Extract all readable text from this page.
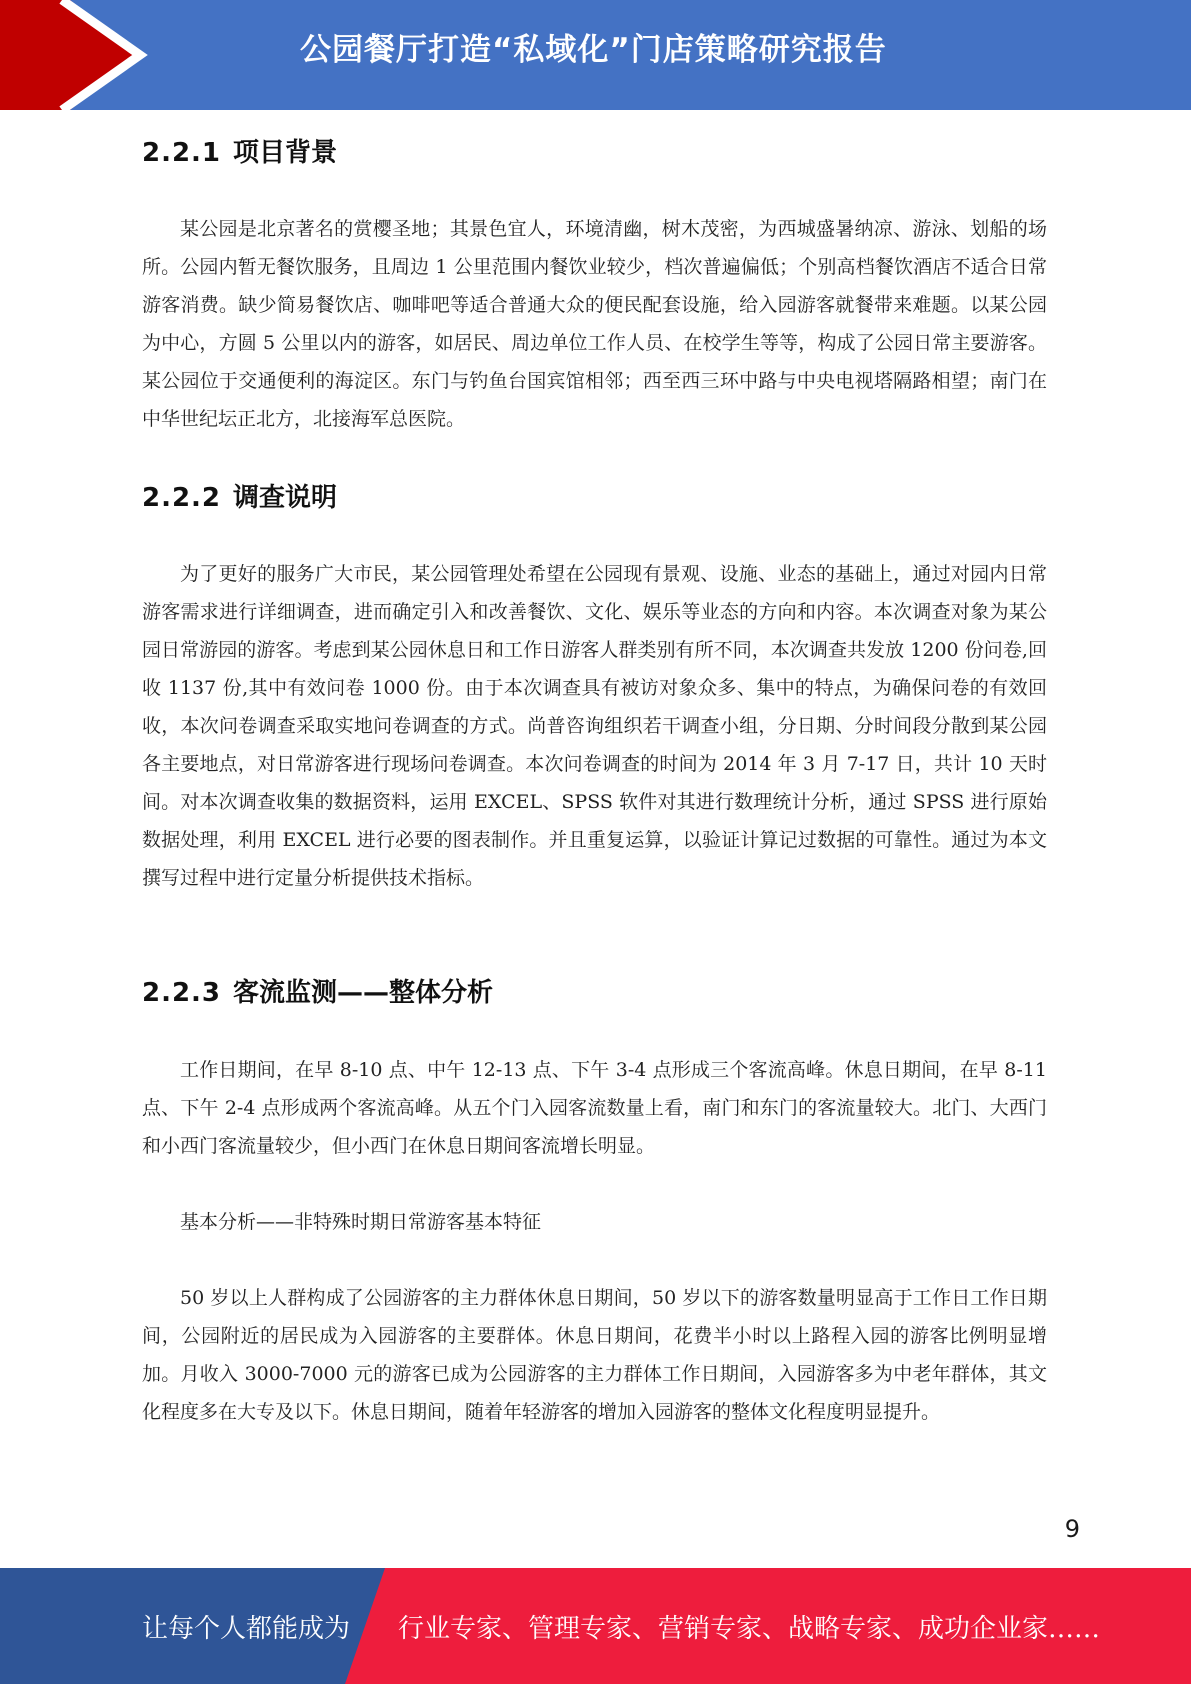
公园餐厅打造“私域化”门店策略研究报告
2.2.1 项目背景

某公园是北京著名的赏樱圣地；其景色宜人，环境清幽，树木茂密，为西城盛暑纳凉、游泳、划船的场所。公园内暂无餐饮服务，且周边 1 公里范围内餐饮业较少，档次普遍偏低；个别高档餐饮酒店不适合日常游客消费。缺少简易餐饮店、咖啡吧等适合普通大众的便民配套设施，给入园游客就餐带来难题。以某公园为中心，方圆 5 公里以内的游客，如居民、周边单位工作人员、在校学生等等，构成了公园日常主要游客。某公园位于交通便利的海淀区。东门与钓鱼台国宾馆相邻；西至西三环中路与中央电视塔隔路相望；南门在中华世纪坛正北方，北接海军总医院。

2.2.2 调查说明

为了更好的服务广大市民，某公园管理处希望在公园现有景观、设施、业态的基础上，通过对园内日常游客需求进行详细调查，进而确定引入和改善餐饮、文化、娱乐等业态的方向和内容。本次调查对象为某公园日常游园的游客。考虑到某公园休息日和工作日游客人群类别有所不同，本次调查共发放 1200 份问卷,回收 1137 份,其中有效问卷 1000 份。由于本次调查具有被访对象众多、集中的特点，为确保问卷的有效回收，本次问卷调查采取实地问卷调查的方式。尚普咨询组织若干调查小组，分日期、分时间段分散到某公园各主要地点，对日常游客进行现场问卷调查。本次问卷调查的时间为 2014 年 3 月 7-17 日，共计 10 天时间。对本次调查收集的数据资料，运用 EXCEL、SPSS 软件对其进行数理统计分析，通过 SPSS 进行原始数据处理，利用 EXCEL 进行必要的图表制作。并且重复运算，以验证计算记过数据的可靠性。通过为本文撰写过程中进行定量分析提供技术指标。

2.2.3 客流监测——整体分析

工作日期间，在早 8-10 点、中午 12-13 点、下午 3-4 点形成三个客流高峰。休息日期间，在早 8-11 点、下午 2-4 点形成两个客流高峰。从五个门入园客流数量上看，南门和东门的客流量较大。北门、大西门和小西门客流量较少，但小西门在休息日期间客流增长明显。

基本分析——非特殊时期日常游客基本特征

50 岁以上人群构成了公园游客的主力群体休息日期间，50 岁以下的游客数量明显高于工作日工作日期间，公园附近的居民成为入园游客的主要群体。休息日期间，花费半小时以上路程入园的游客比例明显增加。月收入 3000-7000 元的游客已成为公园游客的主力群体工作日期间，入园游客多为中老年群体，其文化程度多在大专及以下。休息日期间，随着年轻游客的增加入园游客的整体文化程度明显提升。

9
让每个人都能成为 行业专家、管理专家、营销专家、战略专家、成功企业家……
